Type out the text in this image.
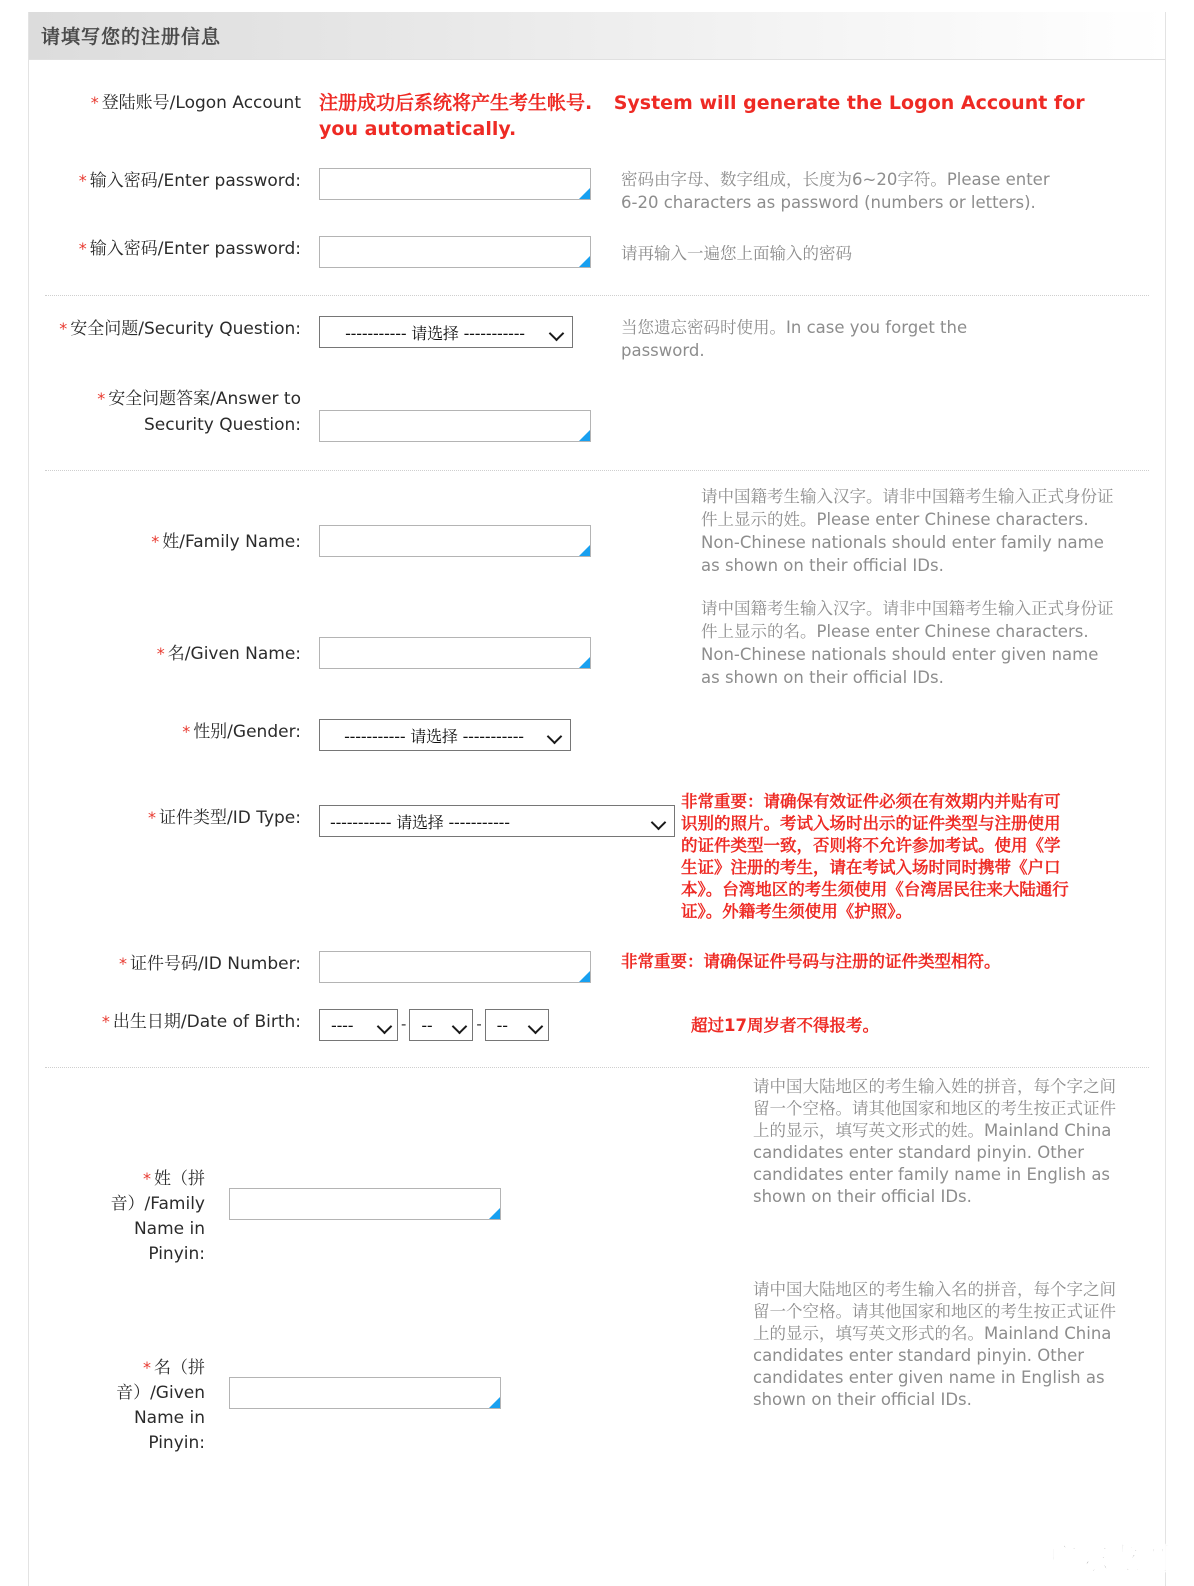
请填写您的注册信息
* 登陆账号/Logon Account 注册成功后系统将产生考生帐号. System will generate the Logon Account for you automatically.
* 输入密码/Enter password:	密码由字母、数字组成，长度为6~20字符。Please enter 6-20 characters as password (numbers or letters).
* 输入密码/Enter password:	请再输入一遍您上面输入的密码
* 安全问题/Security Question:	----------- 请选择 -----------	当您遗忘密码时使用。In case you forget the password.
* 安全问题答案/Answer to Security Question:
* 姓/Family Name:
请中国籍考生输入汉字。请非中国籍考生输入正式身份证件上显示的姓。Please enter Chinese characters. Non-Chinese nationals should enter family name as shown on their official IDs.
* 名/Given Name:
请中国籍考生输入汉字。请非中国籍考生输入正式身份证件上显示的名。Please enter Chinese characters. Non-Chinese nationals should enter given name as shown on their official IDs.
* 性别/Gender:	----------- 请选择 -----------
* 证件类型/ID Type:	----------- 请选择 -----------
非常重要：请确保有效证件必须在有效期内并贴有可识别的照片。考试入场时出示的证件类型与注册使用的证件类型一致，否则将不允许参加考试。使用《学生证》注册的考生，请在考试入场时同时携带《户口本》。台湾地区的考生须使用《台湾居民往来大陆通行证》。外籍考生须使用《护照》。
* 证件号码/ID Number:	非常重要：请确保证件号码与注册的证件类型相符。
* 出生日期/Date of Birth:	----	- --	- --	超过17周岁者不得报考。
* 姓（拼音）/Family Name in Pinyin:
请中国大陆地区的考生输入姓的拼音，每个字之间留一个空格。请其他国家和地区的考生按正式证件上的显示，填写英文形式的姓。Mainland China candidates enter standard pinyin. Other candidates enter family name in English as shown on their official IDs.
* 名（拼音）/Given Name in Pinyin:
请中国大陆地区的考生输入名的拼音，每个字之间留一个空格。请其他国家和地区的考生按正式证件上的显示，填写英文形式的名。Mainland China candidates enter standard pinyin. Other candidates enter given name in English as shown on their official IDs.
广东龙网
